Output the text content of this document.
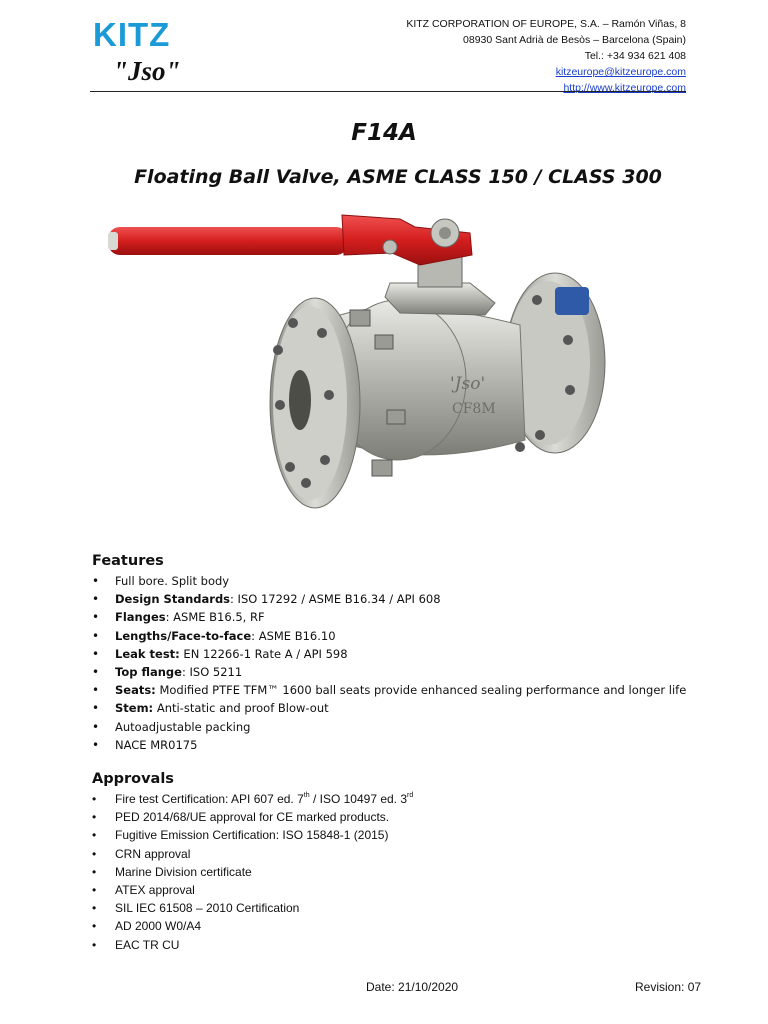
KITZ
"Jso"
KITZ CORPORATION OF EUROPE, S.A. – Ramón Viñas, 8
08930 Sant Adrià de Besòs – Barcelona (Spain)
Tel.: +34 934 621 408
kitzeurope@kitzeurope.com
http://www.kitzeurope.com
F14A
Floating Ball Valve, ASME CLASS 150 / CLASS 300
'Jso'
CF8M
Features
• Full bore. Split body
• Design Standards: ISO 17292 / ASME B16.34 / API 608
• Flanges: ASME B16.5, RF
• Lengths/Face-to-face: ASME B16.10
• Leak test: EN 12266-1 Rate A / API 598
• Top flange: ISO 5211
• Seats: Modified PTFE TFM™ 1600 ball seats provide enhanced sealing performance and longer life
• Stem: Anti-static and proof Blow-out
• Autoadjustable packing
• NACE MR0175
Approvals
• Fire test Certification: API 607 ed. 7th / ISO 10497 ed. 3rd
• PED 2014/68/UE approval for CE marked products.
• Fugitive Emission Certification: ISO 15848-1 (2015)
• CRN approval
• Marine Division certificate
• ATEX approval
• SIL IEC 61508 – 2010 Certification
• AD 2000 W0/A4
• EAC TR CU
Date: 21/10/2020	Revision: 07
